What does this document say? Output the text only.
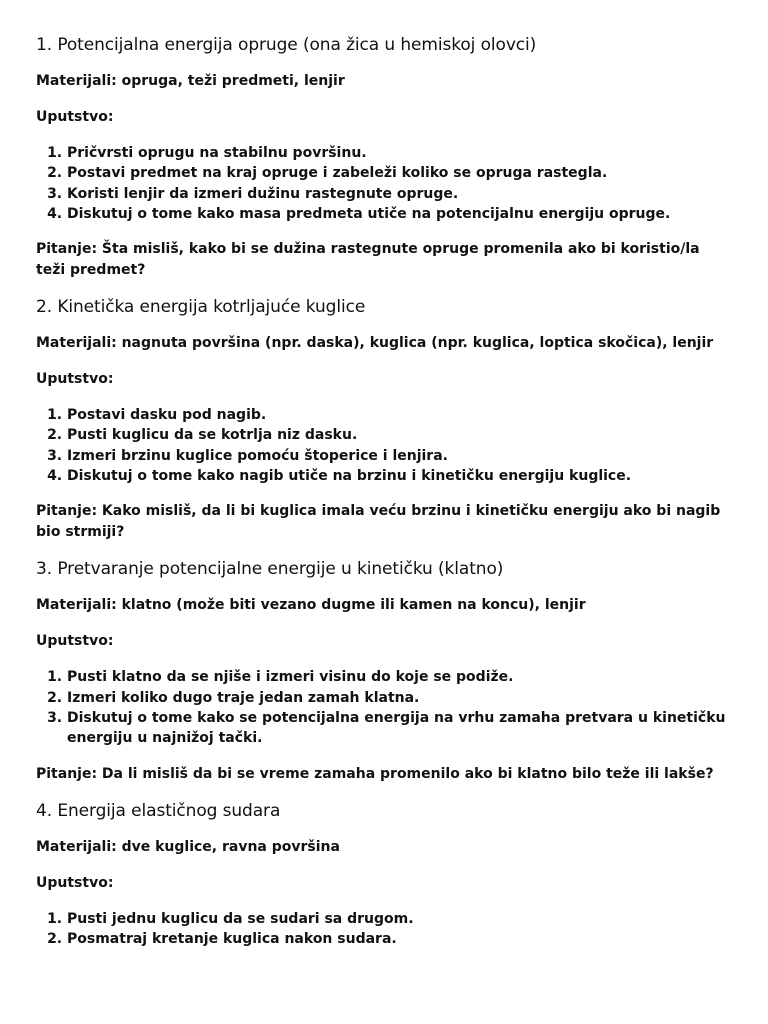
1. Potencijalna energija opruge (ona žica u hemiskoj olovci)

Materijali: opruga, teži predmeti, lenjir

Uputstvo:

1. Pričvrsti oprugu na stabilnu površinu.
2. Postavi predmet na kraj opruge i zabeleži koliko se opruga rastegla.
3. Koristi lenjir da izmeri dužinu rastegnute opruge.
4. Diskutuj o tome kako masa predmeta utiče na potencijalnu energiju opruge.

Pitanje: Šta misliš, kako bi se dužina rastegnute opruge promenila ako bi koristio/la teži predmet?

2. Kinetička energija kotrljajuće kuglice

Materijali: nagnuta površina (npr. daska), kuglica (npr. kuglica, loptica skočica), lenjir

Uputstvo:

1. Postavi dasku pod nagib.
2. Pusti kuglicu da se kotrlja niz dasku.
3. Izmeri brzinu kuglice pomoću štoperice i lenjira.
4. Diskutuj o tome kako nagib utiče na brzinu i kinetičku energiju kuglice.

Pitanje: Kako misliš, da li bi kuglica imala veću brzinu i kinetičku energiju ako bi nagib bio strmiji?

3. Pretvaranje potencijalne energije u kinetičku (klatno)

Materijali: klatno (može biti vezano dugme ili kamen na koncu), lenjir

Uputstvo:

1. Pusti klatno da se njiše i izmeri visinu do koje se podiže.
2. Izmeri koliko dugo traje jedan zamah klatna.
3. Diskutuj o tome kako se potencijalna energija na vrhu zamaha pretvara u kinetičku energiju u najnižoj tački.

Pitanje: Da li misliš da bi se vreme zamaha promenilo ako bi klatno bilo teže ili lakše?

4. Energija elastičnog sudara

Materijali: dve kuglice, ravna površina

Uputstvo:

1. Pusti jednu kuglicu da se sudari sa drugom.
2. Posmatraj kretanje kuglica nakon sudara.
